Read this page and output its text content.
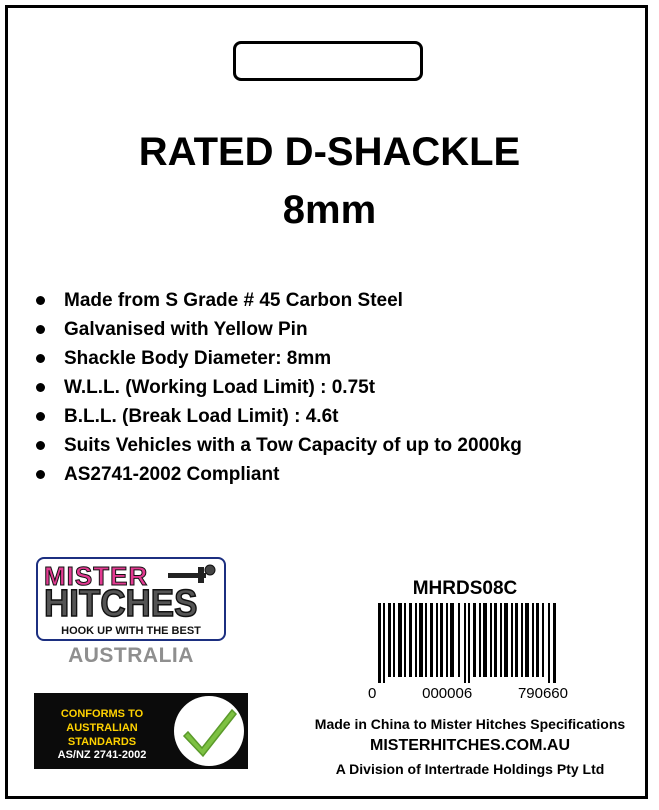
RATED D-SHACKLE
8mm
Made from S Grade # 45 Carbon Steel
Galvanised with Yellow Pin
Shackle Body Diameter: 8mm
W.L.L. (Working Load Limit) : 0.75t
B.L.L. (Break Load Limit) : 4.6t
Suits Vehicles with a Tow Capacity of up to 2000kg
AS2741-2002 Compliant
MISTER
HITCHES
HOOK UP WITH THE BEST
AUSTRALIA
CONFORMS TO
AUSTRALIAN
STANDARDS
AS/NZ 2741-2002
MHRDS08C
0	000006	790660
Made in China to Mister Hitches Specifications
MISTERHITCHES.COM.AU
A Division of Intertrade Holdings Pty Ltd
